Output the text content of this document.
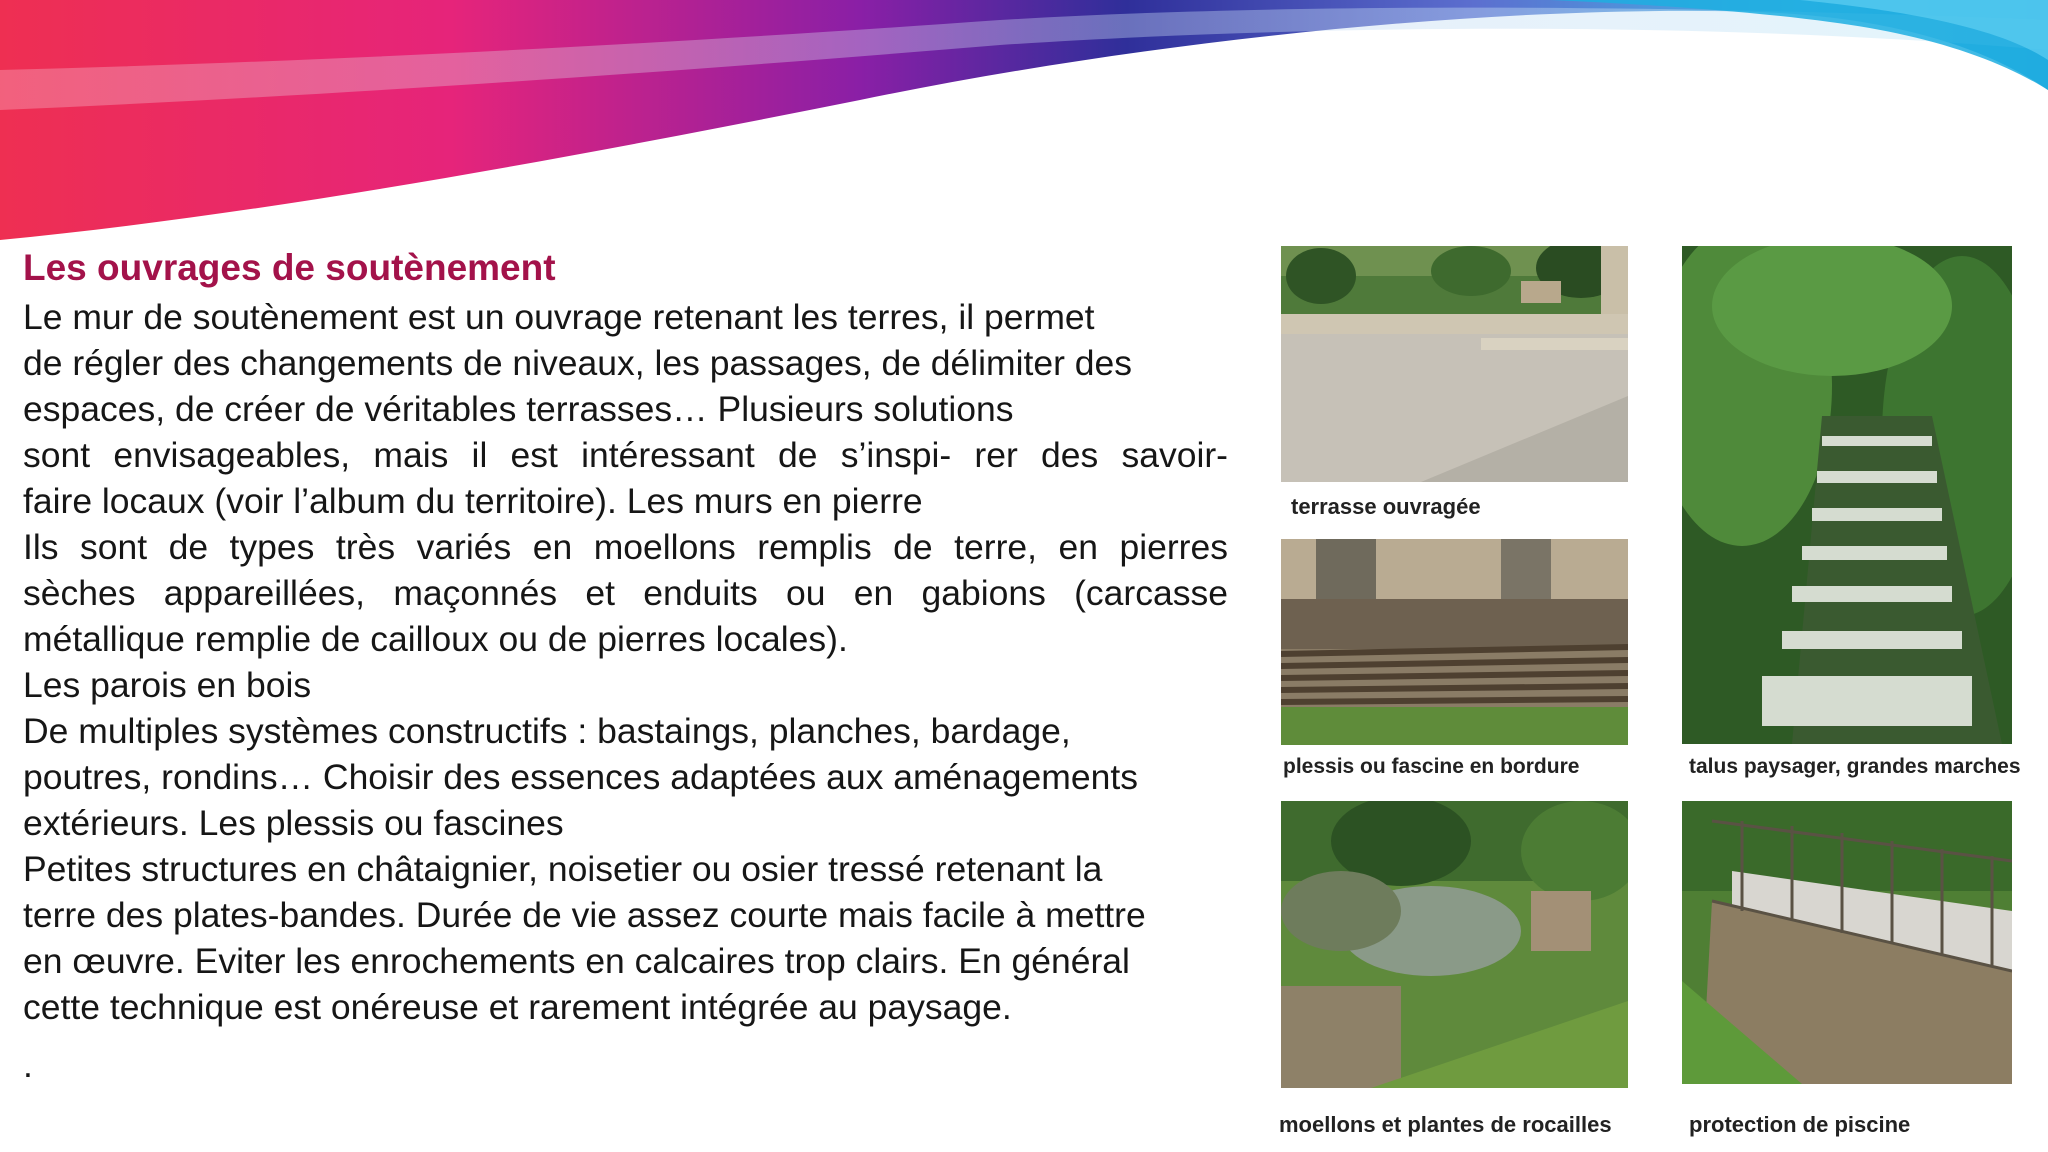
Les ouvrages de soutènement
Le mur de soutènement est un ouvrage retenant les terres, il permet
de régler des changements de niveaux, les passages, de délimiter des
espaces, de créer de véritables terrasses… Plusieurs solutions
sont envisageables, mais il est intéressant de s’inspi- rer des savoir-
faire locaux (voir l’album du territoire). Les murs en pierre
Ils sont de types très variés en moellons remplis de terre, en pierres
sèches appareillées, maçonnés et enduits ou en gabions (carcasse
métallique remplie de cailloux ou de pierres locales).
Les parois en bois
De multiples systèmes constructifs : bastaings, planches, bardage,
poutres, rondins… Choisir des essences adaptées aux aménagements
extérieurs. Les plessis ou fascines
Petites structures en châtaignier, noisetier ou osier tressé retenant la
terre des plates-bandes. Durée de vie assez courte mais facile à mettre
en œuvre. Eviter les enrochements en calcaires trop clairs. En général
cette technique est onéreuse et rarement intégrée au paysage.
.
terrasse ouvragée
plessis ou fascine en bordure	talus paysager, grandes marches
moellons et plantes de rocailles	protection de piscine
